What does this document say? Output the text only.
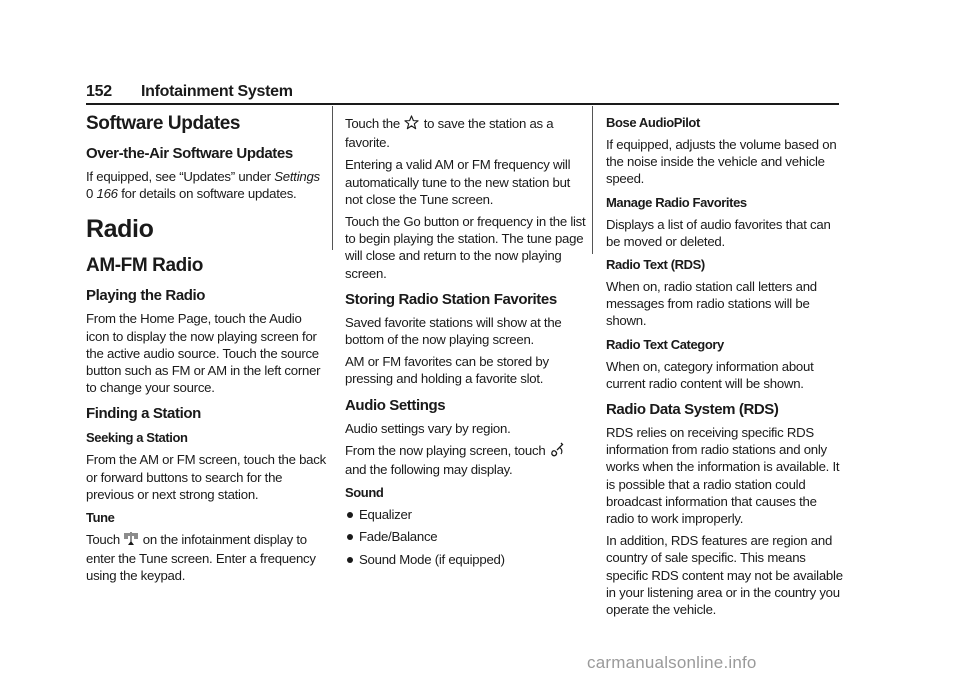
152 Infotainment System
Software Updates
Over-the-Air Software Updates

If equipped, see “Updates” under Settings
0 166 for details on software updates.

Radio
AM-FM Radio
Playing the Radio

From the Home Page, touch the Audio icon to display the now playing screen for the active audio source. Touch the source button such as FM or AM in the left corner to change your source.

Finding a Station
Seeking a Station

From the AM or FM screen, touch the back or forward buttons to search for the previous or next strong station.

Tune

Touch  on the infotainment display to enter the Tune screen. Enter a frequency using the keypad.

Touch the  to save the station as a favorite.

Entering a valid AM or FM frequency will automatically tune to the new station but not close the Tune screen.

Touch the Go button or frequency in the list to begin playing the station. The tune page will close and return to the now playing screen.

Storing Radio Station Favorites

Saved favorite stations will show at the bottom of the now playing screen.

AM or FM favorites can be stored by pressing and holding a favorite slot.

Audio Settings

Audio settings vary by region.

From the now playing screen, touch  and the following may display.

Sound
Equalizer
Fade/Balance
Sound Mode (if equipped)
Bose AudioPilot

If equipped, adjusts the volume based on the noise inside the vehicle and vehicle speed.

Manage Radio Favorites

Displays a list of audio favorites that can be moved or deleted.

Radio Text (RDS)

When on, radio station call letters and messages from radio stations will be shown.

Radio Text Category

When on, category information about current radio content will be shown.

Radio Data System (RDS)

RDS relies on receiving specific RDS information from radio stations and only works when the information is available. It is possible that a radio station could broadcast information that causes the radio to work improperly.

In addition, RDS features are region and country of sale specific. This means specific RDS content may not be available in your listening area or in the country you operate the vehicle.

carmanualsonline.info
